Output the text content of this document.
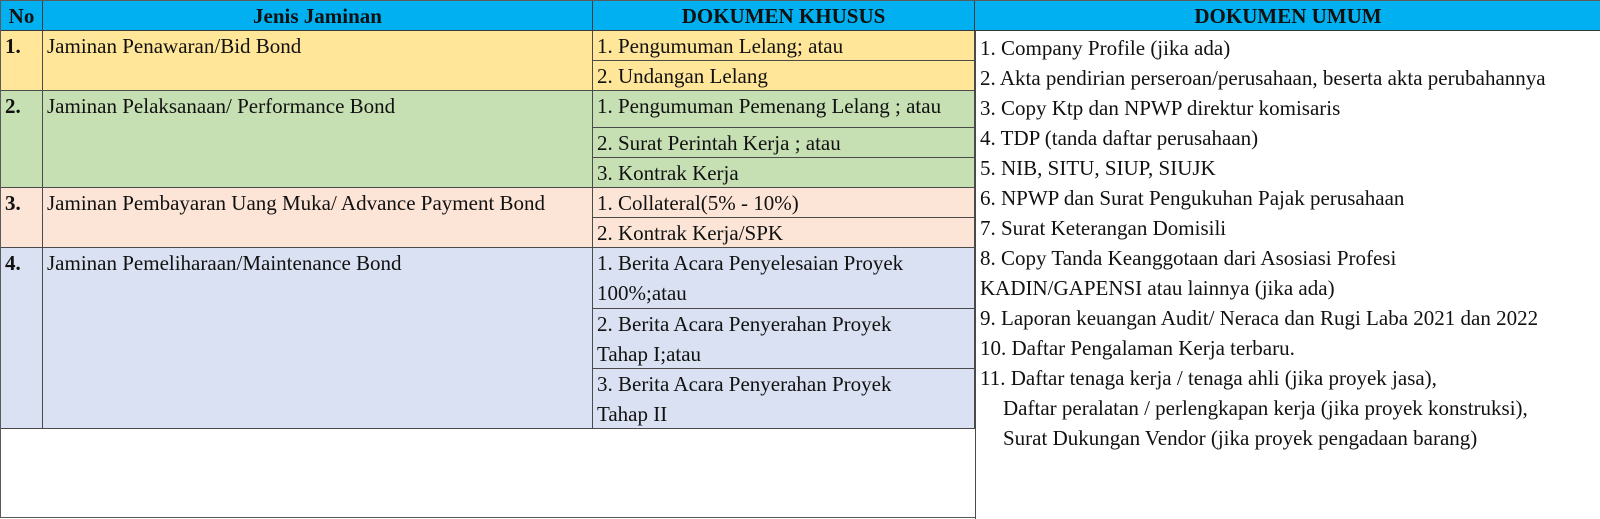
No	Jenis Jaminan	DOKUMEN KHUSUS	DOKUMEN UMUM
1.	Jaminan Penawaran/Bid Bond	1. Pengumuman Lelang; atau
2. Undangan Lelang
2.	Jaminan Pelaksanaan/ Performance Bond	1. Pengumuman Pemenang Lelang ; atau
2. Surat Perintah Kerja ; atau
3. Kontrak Kerja
3.	Jaminan Pembayaran Uang Muka/ Advance Payment Bond	1. Collateral(5% - 10%)
2. Kontrak Kerja/SPK
4.	Jaminan Pemeliharaan/Maintenance Bond	1. Berita Acara Penyelesaian Proyek
100%;atau
2. Berita Acara Penyerahan Proyek
Tahap I;atau
3. Berita Acara Penyerahan Proyek
Tahap II
1. Company Profile (jika ada)
2. Akta pendirian perseroan/perusahaan, beserta akta perubahannya
3. Copy Ktp dan NPWP direktur komisaris
4. TDP (tanda daftar perusahaan)
5. NIB, SITU, SIUP, SIUJK
6. NPWP dan Surat Pengukuhan Pajak perusahaan
7. Surat Keterangan Domisili
8. Copy Tanda Keanggotaan dari Asosiasi Profesi
KADIN/GAPENSI atau lainnya (jika ada)
9. Laporan keuangan Audit/ Neraca dan Rugi Laba 2021 dan 2022
10. Daftar Pengalaman Kerja terbaru.
11. Daftar tenaga kerja / tenaga ahli (jika proyek jasa),
Daftar peralatan / perlengkapan kerja (jika proyek konstruksi),
Surat Dukungan Vendor (jika proyek pengadaan barang)
